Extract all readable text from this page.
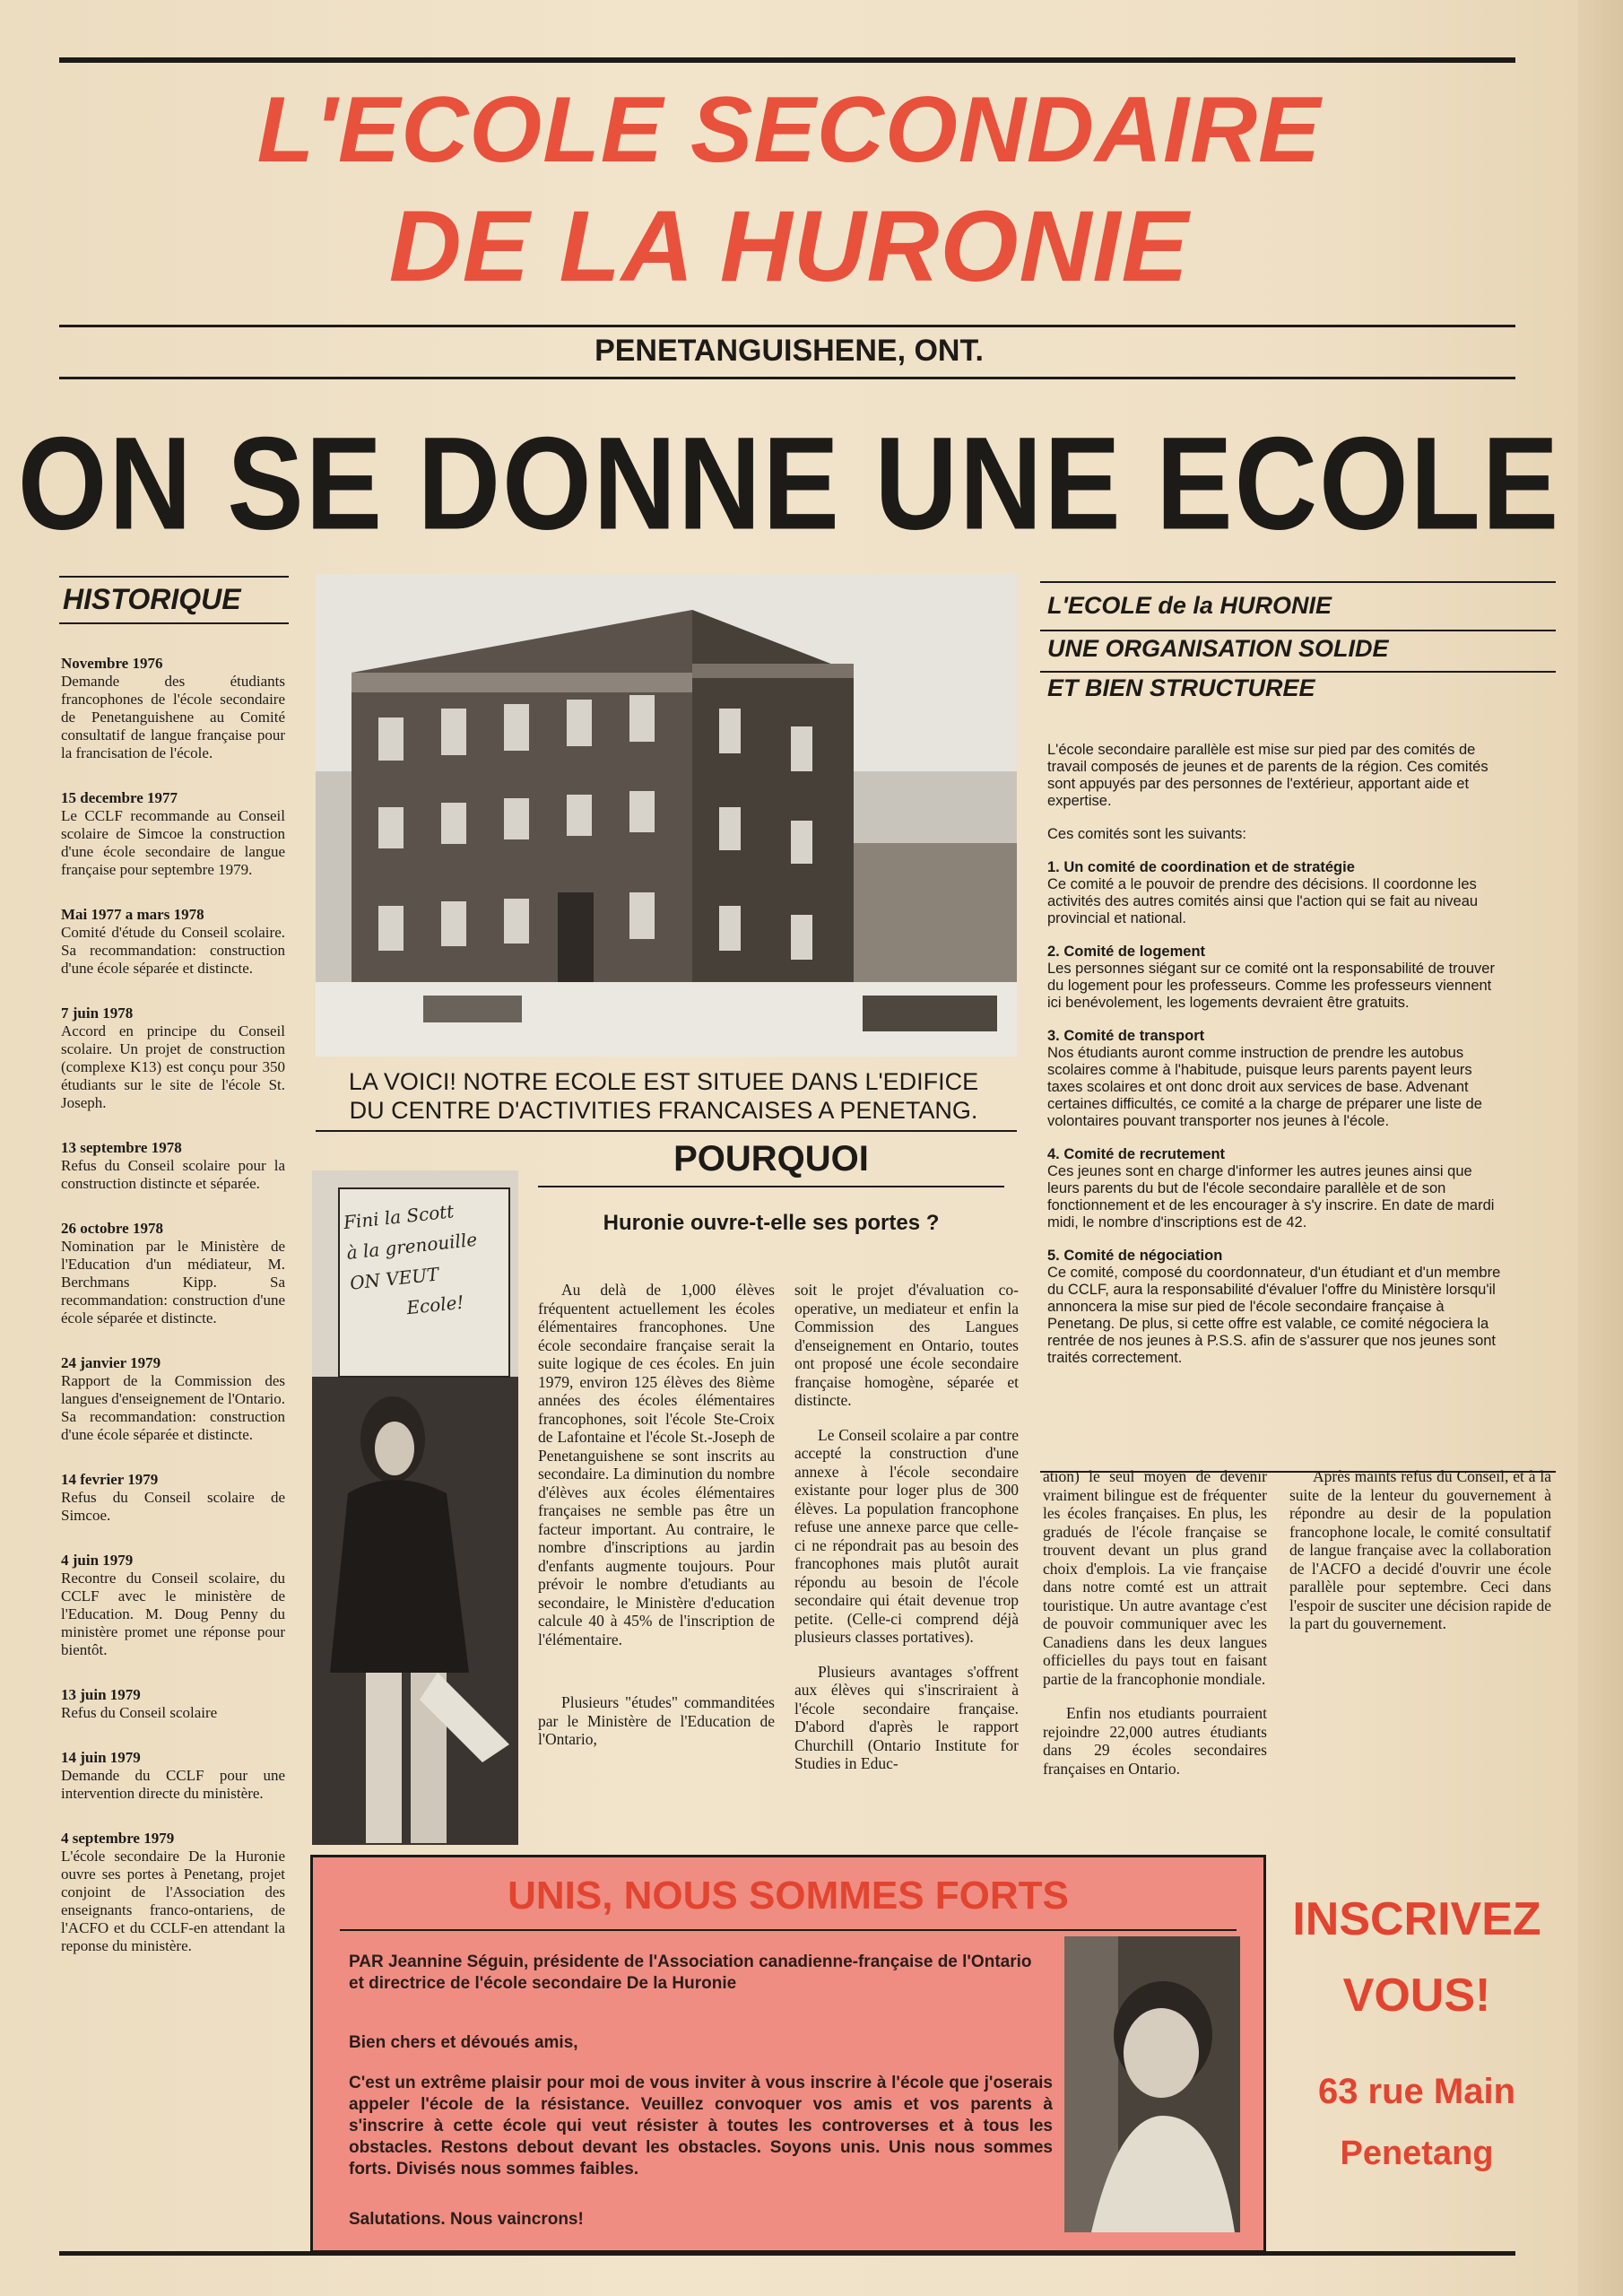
L'ECOLE SECONDAIRE
DE LA HURONIE
PENETANGUISHENE, ONT.
ON SE DONNE UNE ECOLE
HISTORIQUE
Novembre 1976
Demande des étudiants francophones de l'école secondaire de Penetanguishene au Comité consultatif de langue française pour la francisation de l'école.
15 decembre 1977
Le CCLF recommande au Conseil scolaire de Simcoe la construction d'une école secondaire de langue française pour septembre 1979.
Mai 1977 a mars 1978
Comité d'étude du Conseil scolaire. Sa recommandation: construction d'une école séparée et distincte.
7 juin 1978
Accord en principe du Conseil scolaire. Un projet de construction (complexe K13) est conçu pour 350 étudiants sur le site de l'école St. Joseph.
13 septembre 1978
Refus du Conseil scolaire pour la construction distincte et séparée.
26 octobre 1978
Nomination par le Ministère de l'Education d'un médiateur, M. Berchmans Kipp. Sa recommandation: construction d'une école séparée et distincte.
24 janvier 1979
Rapport de la Commission des langues d'enseignement de l'Ontario. Sa recommandation: construction d'une école séparée et distincte.
14 fevrier 1979
Refus du Conseil scolaire de Simcoe.
4 juin 1979
Recontre du Conseil scolaire, du CCLF avec le ministère de l'Education. M. Doug Penny du ministère promet une réponse pour bientôt.
13 juin 1979
Refus du Conseil scolaire
14 juin 1979
Demande du CCLF pour une intervention directe du ministère.
4 septembre 1979
L'école secondaire De la Huronie ouvre ses portes à Penetang, projet conjoint de l'Association des enseignants franco-ontariens, de l'ACFO et du CCLF-en attendant la reponse du ministère.
LA VOICI! NOTRE ECOLE EST SITUEE DANS L'EDIFICE
DU CENTRE D'ACTIVITIES FRANCAISES A PENETANG.
Fini la Scott
à la grenouille
ON VEUT
Ecole!
POURQUOI
Huronie ouvre-t-elle ses portes ?

Au delà de 1,000 élèves fréquentent actuellement les écoles élémentaires francophones. Une école secondaire française serait la suite logique de ces écoles. En juin 1979, environ 125 élèves des 8ième années des écoles élémentaires francophones, soit l'école Ste-Croix de Lafontaine et l'école St.-Joseph de Penetanguishene se sont inscrits au secondaire. La diminution du nombre d'élèves aux écoles élémentaires françaises ne semble pas être un facteur important. Au contraire, le nombre d'inscriptions au jardin d'enfants augmente toujours. Pour prévoir le nombre d'etudiants au secondaire, le Ministère d'education calcule 40 à 45% de l'inscription de l'élémentaire.

Plusieurs "études" commanditées par le Ministère de l'Education de l'Ontario,

soit le projet d'évaluation co-operative, un mediateur et enfin la Commission des Langues d'enseignement en Ontario, toutes ont proposé une école secondaire française homogène, séparée et distincte.

Le Conseil scolaire a par contre accepté la construction d'une annexe à l'école secondaire existante pour loger plus de 300 élèves. La population francophone refuse une annexe parce que celle-ci ne répondrait pas au besoin des francophones mais plutôt aurait répondu au besoin de l'école secondaire qui était devenue trop petite. (Celle-ci comprend déjà plusieurs classes portatives).

Plusieurs avantages s'offrent aux élèves qui s'inscriraient à l'école secondaire française. D'abord d'après le rapport Churchill (Ontario Institute for Studies in Educ-

ation) le seul moyen de devenir vraiment bilingue est de fréquenter les écoles françaises. En plus, les gradués de l'école française se trouvent devant un plus grand choix d'emplois. La vie française dans notre comté est un attrait touristique. Un autre avantage c'est de pouvoir communiquer avec les Canadiens dans les deux langues officielles du pays tout en faisant partie de la francophonie mondiale.

Enfin nos etudiants pourraient rejoindre 22,000 autres étudiants dans 29 écoles secondaires françaises en Ontario.

Après maints refus du Conseil, et à la suite de la lenteur du gouvernement à répondre au desir de la population francophone locale, le comité consultatif de langue française avec la collaboration de l'ACFO a decidé d'ouvrir une école parallèle pour septembre. Ceci dans l'espoir de susciter une décision rapide de la part du gouvernement.

L'ECOLE de la HURONIE
UNE ORGANISATION SOLIDE
ET BIEN STRUCTUREE

L'école secondaire parallèle est mise sur pied par des comités de travail composés de jeunes et de parents de la région. Ces comités sont appuyés par des personnes de l'extérieur, apportant aide et expertise.

Ces comités sont les suivants:

1. Un comité de coordination et de stratégie
Ce comité a le pouvoir de prendre des décisions. Il coordonne les activités des autres comités ainsi que l'action qui se fait au niveau provincial et national.

2. Comité de logement
Les personnes siégant sur ce comité ont la responsabilité de trouver du logement pour les professeurs. Comme les professeurs viennent ici benévolement, les logements devraient être gratuits.

3. Comité de transport
Nos étudiants auront comme instruction de prendre les autobus scolaires comme à l'habitude, puisque leurs parents payent leurs taxes scolaires et ont donc droit aux services de base. Advenant certaines difficultés, ce comité a la charge de préparer une liste de volontaires pouvant transporter nos jeunes à l'école.

4. Comité de recrutement
Ces jeunes sont en charge d'informer les autres jeunes ainsi que leurs parents du but de l'école secondaire parallèle et de son fonctionnement et de les encourager à s'y inscrire. En date de mardi midi, le nombre d'inscriptions est de 42.

5. Comité de négociation
Ce comité, composé du coordonnateur, d'un étudiant et d'un membre du CCLF, aura la responsabilité d'évaluer l'offre du Ministère lorsqu'il annoncera la mise sur pied de l'école secondaire française à Penetang. De plus, si cette offre est valable, ce comité négociera la rentrée de nos jeunes à P.S.S. afin de s'assurer que nos jeunes sont traités correctement.

UNIS, NOUS SOMMES FORTS
PAR Jeannine Séguin, présidente de l'Association canadienne-française de l'Ontario et directrice de l'école secondaire De la Huronie
Bien chers et dévoués amis,
C'est un extrême plaisir pour moi de vous inviter à vous inscrire à l'école que j'oserais appeler l'école de la résistance. Veuillez convoquer vos amis et vos parents à s'inscrire à cette école qui veut résister à toutes les controverses et à tous les obstacles. Restons debout devant les obstacles. Soyons unis. Unis nous sommes forts. Divisés nous sommes faibles.
Salutations. Nous vaincrons!
INSCRIVEZ
VOUS!
63 rue Main
Penetang
